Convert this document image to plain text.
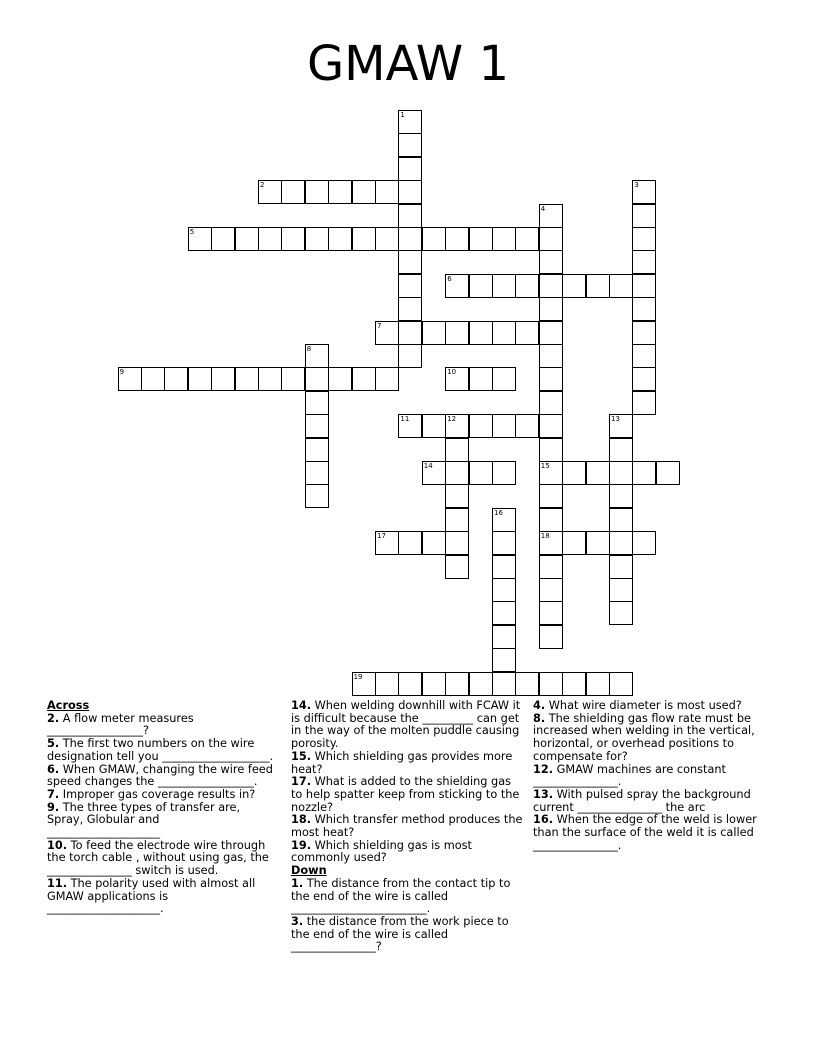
GMAW 1
1
2	3
4
15
18
5
6
7
8
9	10
11	12	13
14
16
17
19
Across
2. A flow meter measures _________________?
5. The first two numbers on the wire designation tell you ___________________.
6. When GMAW, changing the wire feed speed changes the _________________.
7. Improper gas coverage results in?
9. The three types of transfer are, Spray, Globular and ____________________
10. To feed the electrode wire through the torch cable , without using gas, the _______________ switch is used.
11. The polarity used with almost all GMAW applications is ____________________.
14. When welding downhill with FCAW it is difficult because the _________ can get in the way of the molten puddle causing porosity.
15. Which shielding gas provides more heat?
17. What is added to the shielding gas to help spatter keep from sticking to the nozzle?
18. Which transfer method produces the most heat?
19. Which shielding gas is most commonly used?
Down
1. The distance from the contact tip to the end of the wire is called ________________________.
3. the distance from the work piece to the end of the wire is called _______________?
4. What wire diameter is most used?
8. The shielding gas flow rate must be increased when welding in the vertical, horizontal, or overhead positions to compensate for?
12. GMAW machines are constant _______________.
13. With pulsed spray the background current _______________ the arc
16. When the edge of the weld is lower than the surface of the weld it is called _______________.
